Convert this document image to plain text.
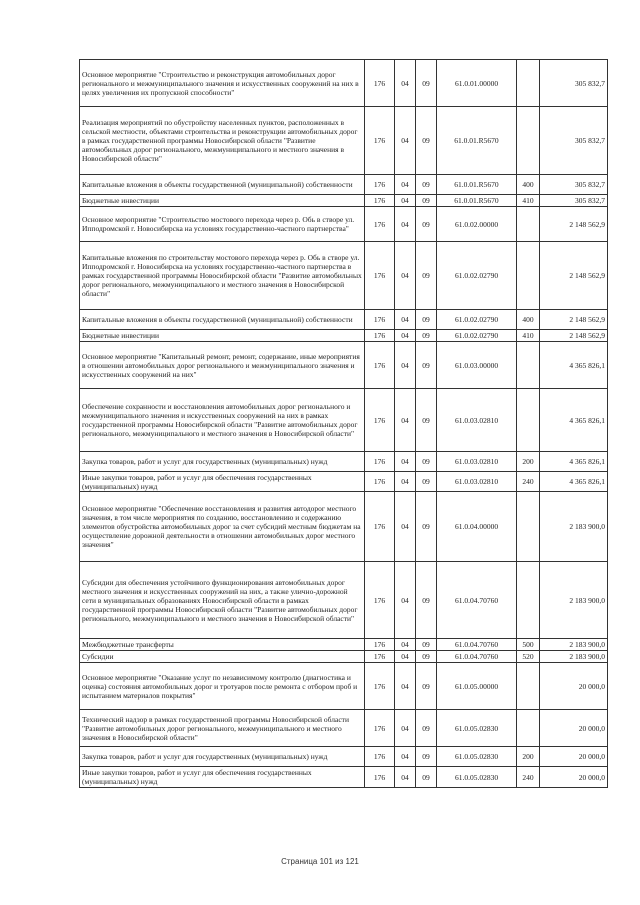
Основное мероприятие "Строительство и реконструкция автомобильных дорог регионального и межмуниципального значения и искусственных сооружений на них в целях увеличения их пропускной способности"	176	04	09	61.0.01.00000		305 832,7
Реализация мероприятий по обустройству населенных пунктов, расположенных в сельской местности, объектами строительства и реконструкции автомобильных дорог в рамках государственной программы Новосибирской области "Развитие автомобильных дорог регионального, межмуниципального и местного значения в Новосибирской области"	176	04	09	61.0.01.R5670		305 832,7
Капитальные вложения в объекты государственной (муниципальной) собственности	176	04	09	61.0.01.R5670	400	305 832,7
Бюджетные инвестиции	176	04	09	61.0.01.R5670	410	305 832,7
Основное мероприятие "Строительство мостового перехода через р. Обь в створе ул. Ипподромской г. Новосибирска на условиях государственно-частного партнерства"	176	04	09	61.0.02.00000		2 148 562,9
Капитальные вложения по строительству мостового перехода через р. Обь в створе ул. Ипподромской г. Новосибирска на условиях государственно-частного партнерства в рамках государственной программы Новосибирской области "Развитие автомобильных дорог регионального, межмуниципального и местного значения в Новосибирской области"	176	04	09	61.0.02.02790		2 148 562,9
Капитальные вложения в объекты государственной (муниципальной) собственности	176	04	09	61.0.02.02790	400	2 148 562,9
Бюджетные инвестиции	176	04	09	61.0.02.02790	410	2 148 562,9
Основное мероприятие "Капитальный ремонт, ремонт, содержание, иные мероприятия в отношении автомобильных дорог регионального и межмуниципального значения и искусственных сооружений на них"	176	04	09	61.0.03.00000		4 365 826,1
Обеспечение сохранности и восстановления автомобильных дорог регионального и межмуниципального значения и искусственных сооружений на них в рамках государственной программы Новосибирской области "Развитие автомобильных дорог регионального, межмуниципального и местного значения в Новосибирской области"	176	04	09	61.0.03.02810		4 365 826,1
Закупка товаров, работ и услуг для государственных (муниципальных) нужд	176	04	09	61.0.03.02810	200	4 365 826,1
Иные закупки товаров, работ и услуг для обеспечения государственных (муниципальных) нужд	176	04	09	61.0.03.02810	240	4 365 826,1
Основное мероприятие "Обеспечение восстановления и развития автодорог местного значения, в том числе мероприятия по созданию, восстановлению и содержанию элементов обустройства автомобильных дорог за счет субсидий местным бюджетам на осуществление дорожной деятельности в отношении автомобильных дорог местного значения"	176	04	09	61.0.04.00000		2 183 900,0
Субсидии для обеспечения устойчивого функционирования автомобильных дорог местного значения и искусственных сооружений на них, а также улично-дорожной сети в муниципальных образованиях Новосибирской области в рамках государственной программы Новосибирской области "Развитие автомобильных дорог регионального, межмуниципального и местного значения в Новосибирской области"	176	04	09	61.0.04.70760		2 183 900,0
Межбюджетные трансферты	176	04	09	61.0.04.70760	500	2 183 900,0
Субсидии	176	04	09	61.0.04.70760	520	2 183 900,0
Основное мероприятие "Оказание услуг по независимому контролю (диагностика и оценка) состояния автомобильных дорог и тротуаров после ремонта с отбором проб и испытанием материалов покрытия"	176	04	09	61.0.05.00000		20 000,0
Технический надзор в рамках государственной программы Новосибирской области "Развитие автомобильных дорог регионального, межмуниципального и местного значения в Новосибирской области"	176	04	09	61.0.05.02830		20 000,0
Закупка товаров, работ и услуг для государственных (муниципальных) нужд	176	04	09	61.0.05.02830	200	20 000,0
Иные закупки товаров, работ и услуг для обеспечения государственных (муниципальных) нужд	176	04	09	61.0.05.02830	240	20 000,0
Страница 101 из 121
